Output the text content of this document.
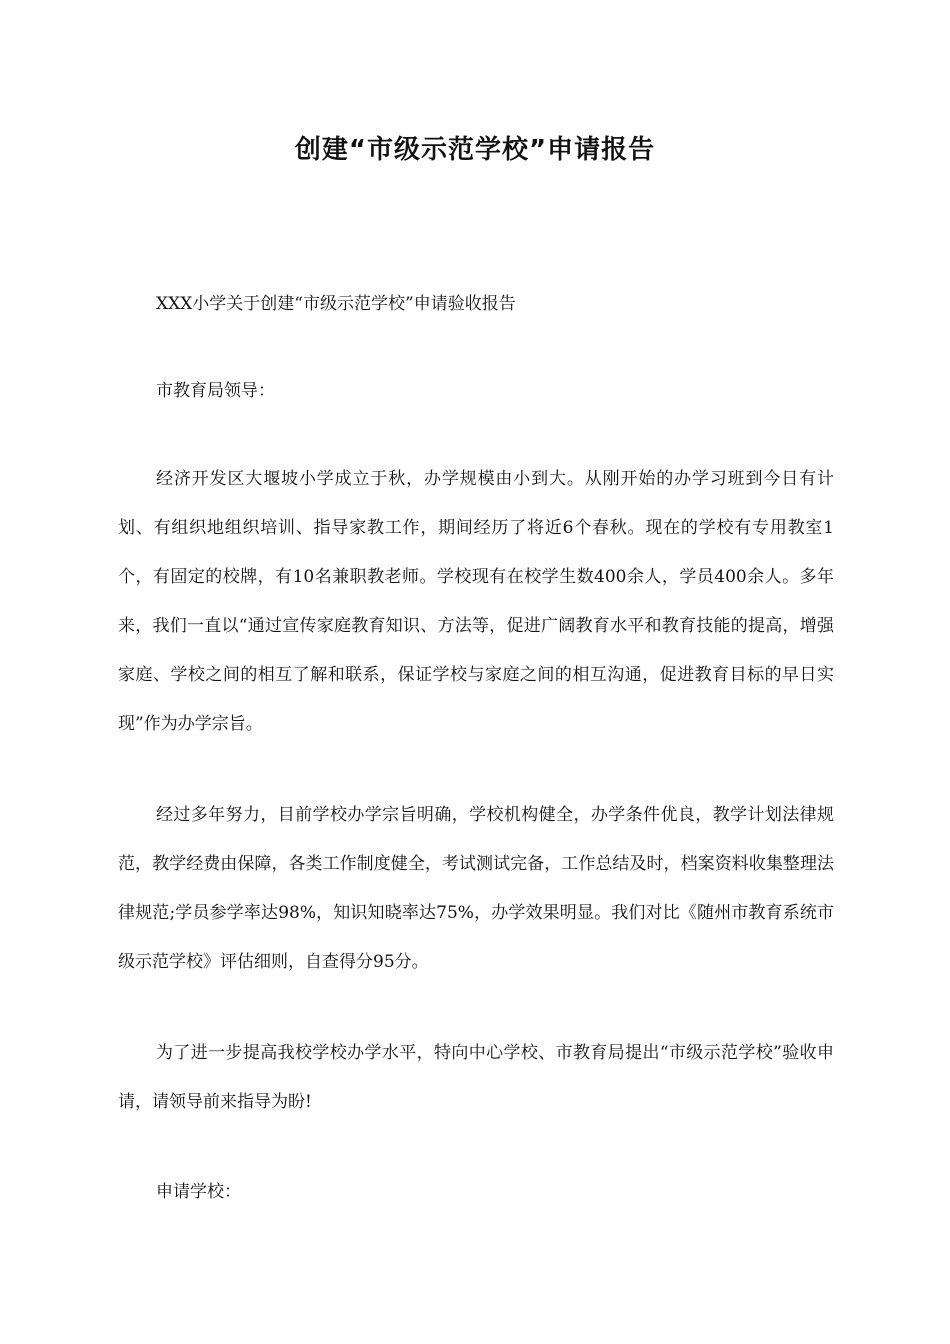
创建“市级示范学校”申请报告

XXX小学关于创建“市级示范学校”申请验收报告

市教育局领导：

经济开发区大堰坡小学成立于秋，办学规模由小到大。从刚开始的办学习班到今日有计划、有组织地组织培训、指导家教工作，期间经历了将近6个春秋。现在的学校有专用教室1个，有固定的校牌，有10名兼职教老师。学校现有在校学生数400余人，学员400余人。多年来，我们一直以“通过宣传家庭教育知识、方法等，促进广阔教育水平和教育技能的提高，增强家庭、学校之间的相互了解和联系，保证学校与家庭之间的相互沟通，促进教育目标的早日实现”作为办学宗旨。

经过多年努力，目前学校办学宗旨明确，学校机构健全，办学条件优良，教学计划法律规范，教学经费由保障，各类工作制度健全，考试测试完备，工作总结及时，档案资料收集整理法律规范;学员参学率达98%，知识知晓率达75%，办学效果明显。我们对比《随州市教育系统市级示范学校》评估细则，自查得分95分。

为了进一步提高我校学校办学水平，特向中心学校、市教育局提出“市级示范学校”验收申请，请领导前来指导为盼!

申请学校：
